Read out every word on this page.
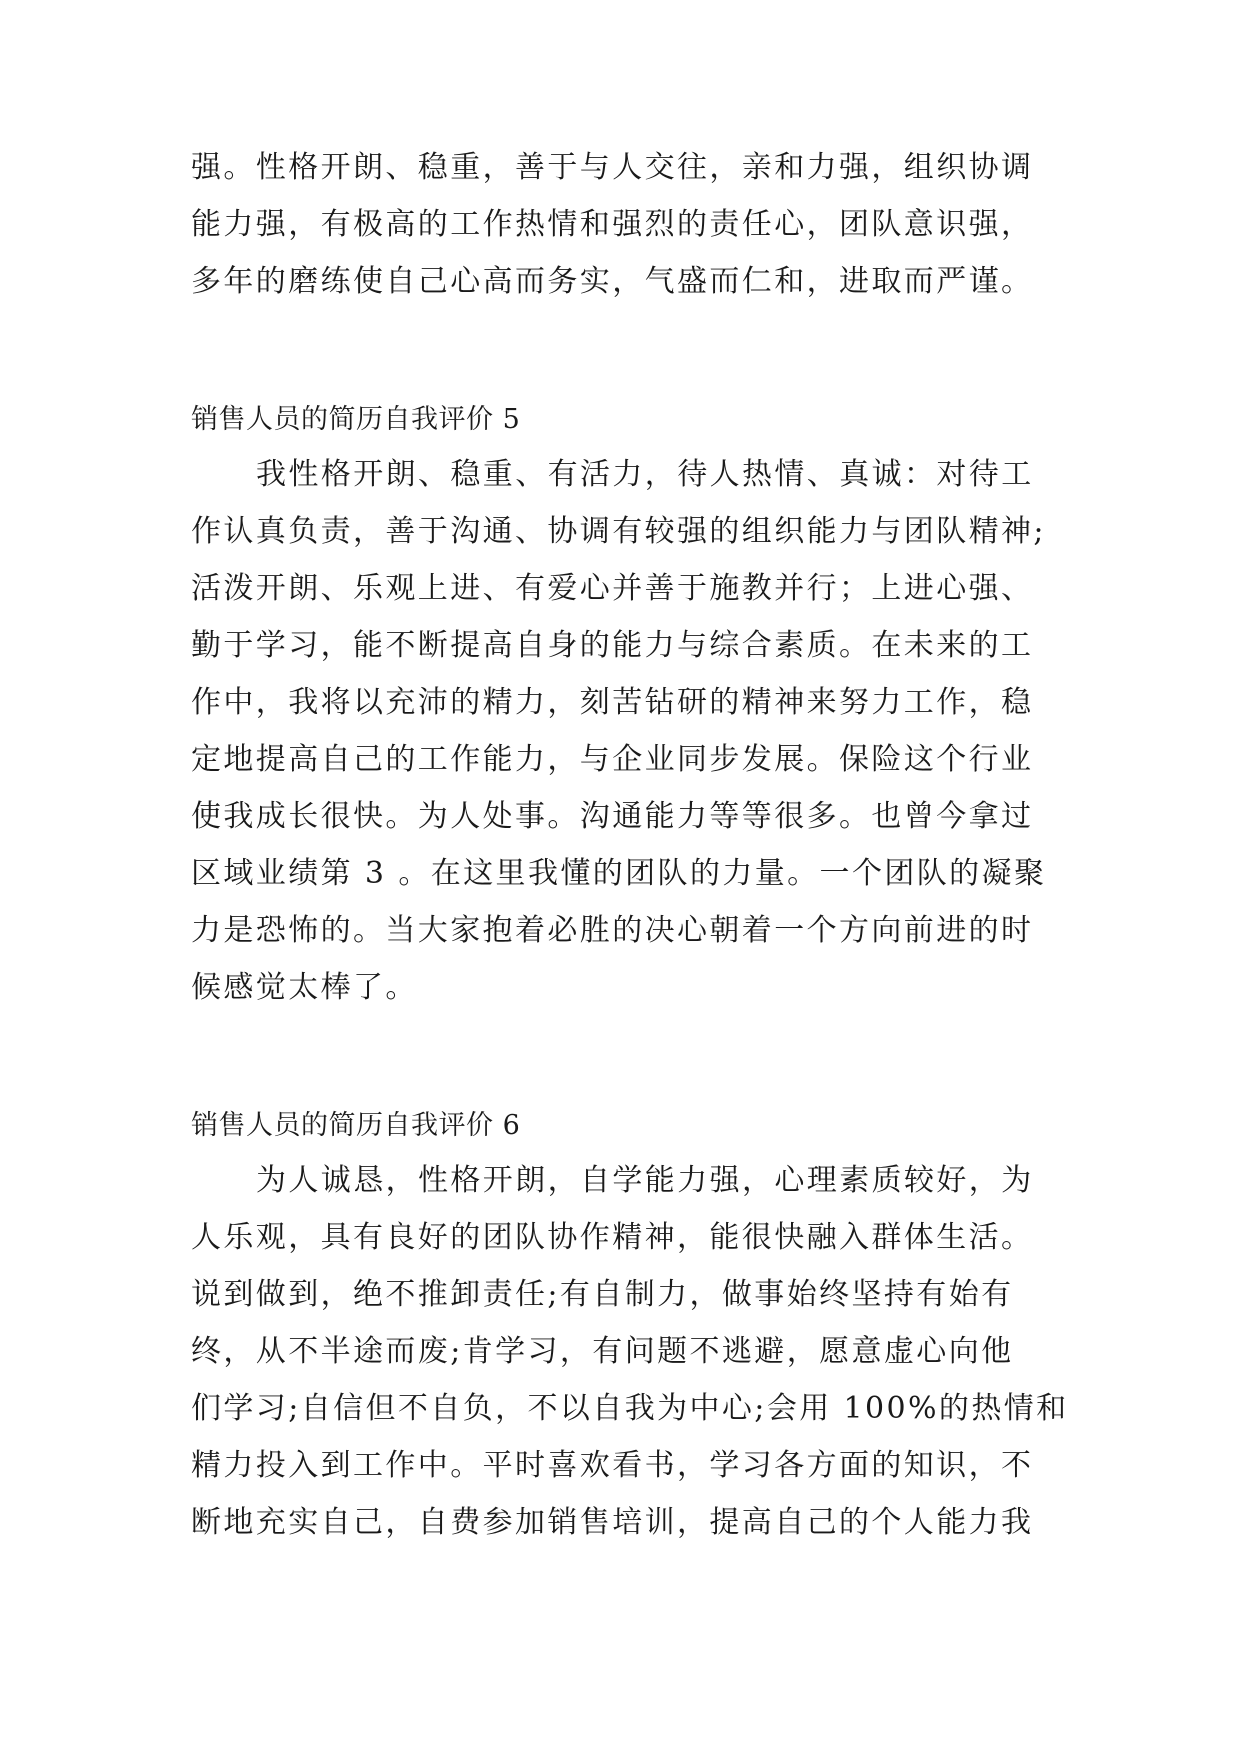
强。性格开朗、稳重，善于与人交往，亲和力强，组织协调
能力强，有极高的工作热情和强烈的责任心，团队意识强，
多年的磨练使自己心高而务实，气盛而仁和，进取而严谨。
销售人员的简历自我评价 5
我性格开朗、稳重、有活力，待人热情、真诚：对待工
作认真负责，善于沟通、协调有较强的组织能力与团队精神;
活泼开朗、乐观上进、有爱心并善于施教并行；上进心强、
勤于学习，能不断提高自身的能力与综合素质。在未来的工
作中，我将以充沛的精力，刻苦钻研的精神来努力工作，稳
定地提高自己的工作能力，与企业同步发展。保险这个行业
使我成长很快。为人处事。沟通能力等等很多。也曾今拿过
区域业绩第 3 。在这里我懂的团队的力量。一个团队的凝聚
力是恐怖的。当大家抱着必胜的决心朝着一个方向前进的时
候感觉太棒了。
销售人员的简历自我评价 6
为人诚恳，性格开朗，自学能力强，心理素质较好，为
人乐观，具有良好的团队协作精神，能很快融入群体生活。
说到做到，绝不推卸责任;有自制力，做事始终坚持有始有
终，从不半途而废;肯学习，有问题不逃避，愿意虚心向他
们学习;自信但不自负，不以自我为中心;会用 100%的热情和
精力投入到工作中。平时喜欢看书，学习各方面的知识，不
断地充实自己，自费参加销售培训，提高自己的个人能力我
